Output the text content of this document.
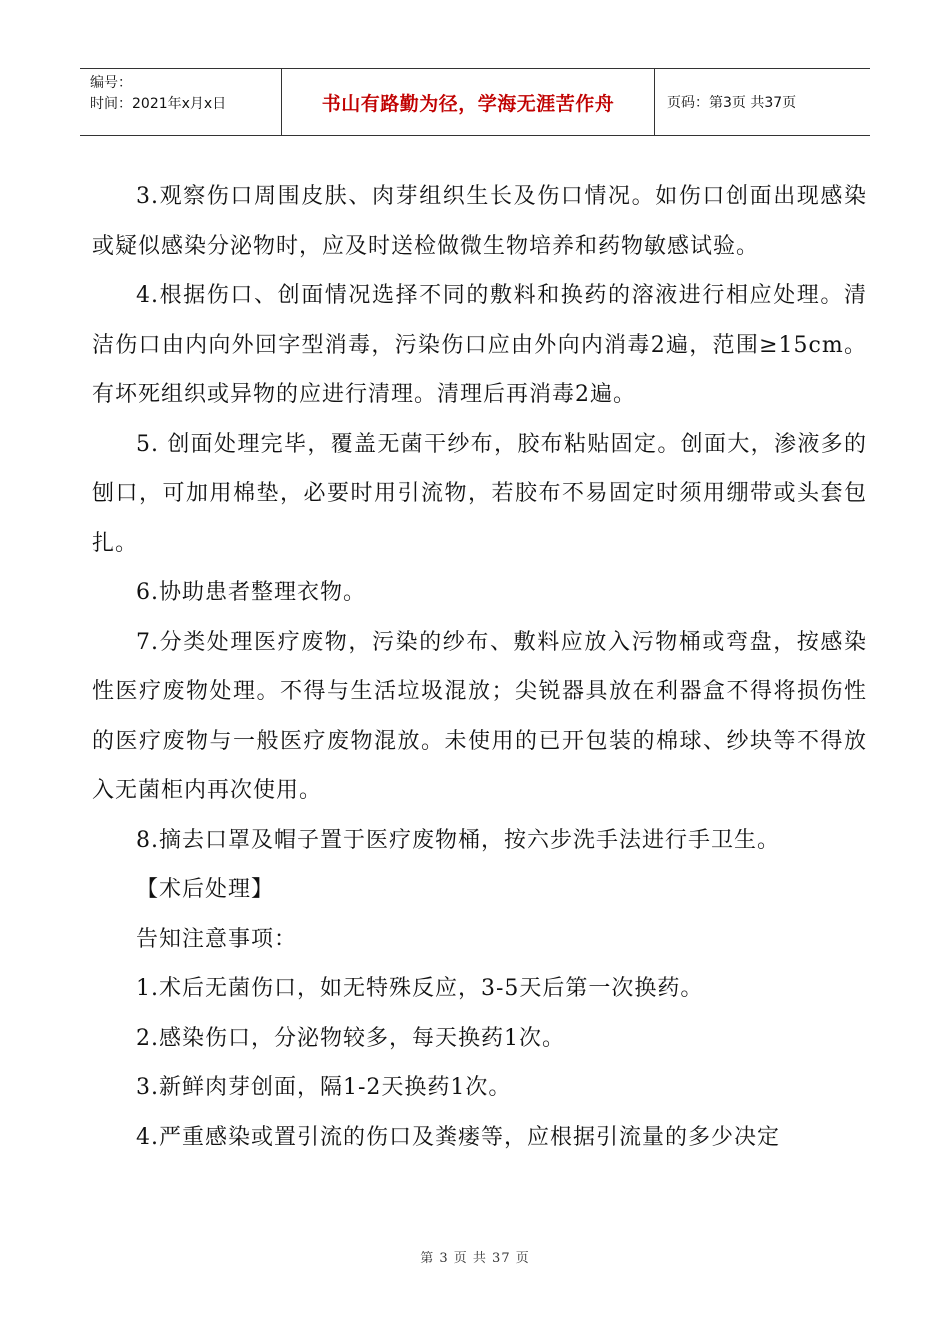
编号：
时间：2021年x月x日	书山有路勤为径，学海无涯苦作舟	页码：第3页 共37页

3.观察伤口周围皮肤、肉芽组织生长及伤口情况。如伤口创面出现感染或疑似感染分泌物时，应及时送检做微生物培养和药物敏感试验。

4.根据伤口、创面情况选择不同的敷料和换药的溶液进行相应处理。清洁伤口由内向外回字型消毒，污染伤口应由外向内消毒2遍，范围≥15cm。有坏死组织或异物的应进行清理。清理后再消毒2遍。

5. 创面处理完毕，覆盖无菌干纱布，胶布粘贴固定。创面大，渗液多的刨口，可加用棉垫，必要时用引流物，若胶布不易固定时须用绷带或头套包扎。

6.协助患者整理衣物。

7.分类处理医疗废物，污染的纱布、敷料应放入污物桶或弯盘，按感染性医疗废物处理。不得与生活垃圾混放；尖锐器具放在利器盒不得将损伤性的医疗废物与一般医疗废物混放。未使用的已开包装的棉球、纱块等不得放入无菌柜内再次使用。

8.摘去口罩及帽子置于医疗废物桶，按六步洗手法进行手卫生。

【术后处理】

告知注意事项：

1.术后无菌伤口，如无特殊反应，3-5天后第一次换药。

2.感染伤口，分泌物较多，每天换药1次。

3.新鲜肉芽创面，隔1-2天换药1次。

4.严重感染或置引流的伤口及粪瘘等，应根据引流量的多少决定

第 3 页 共 37 页
